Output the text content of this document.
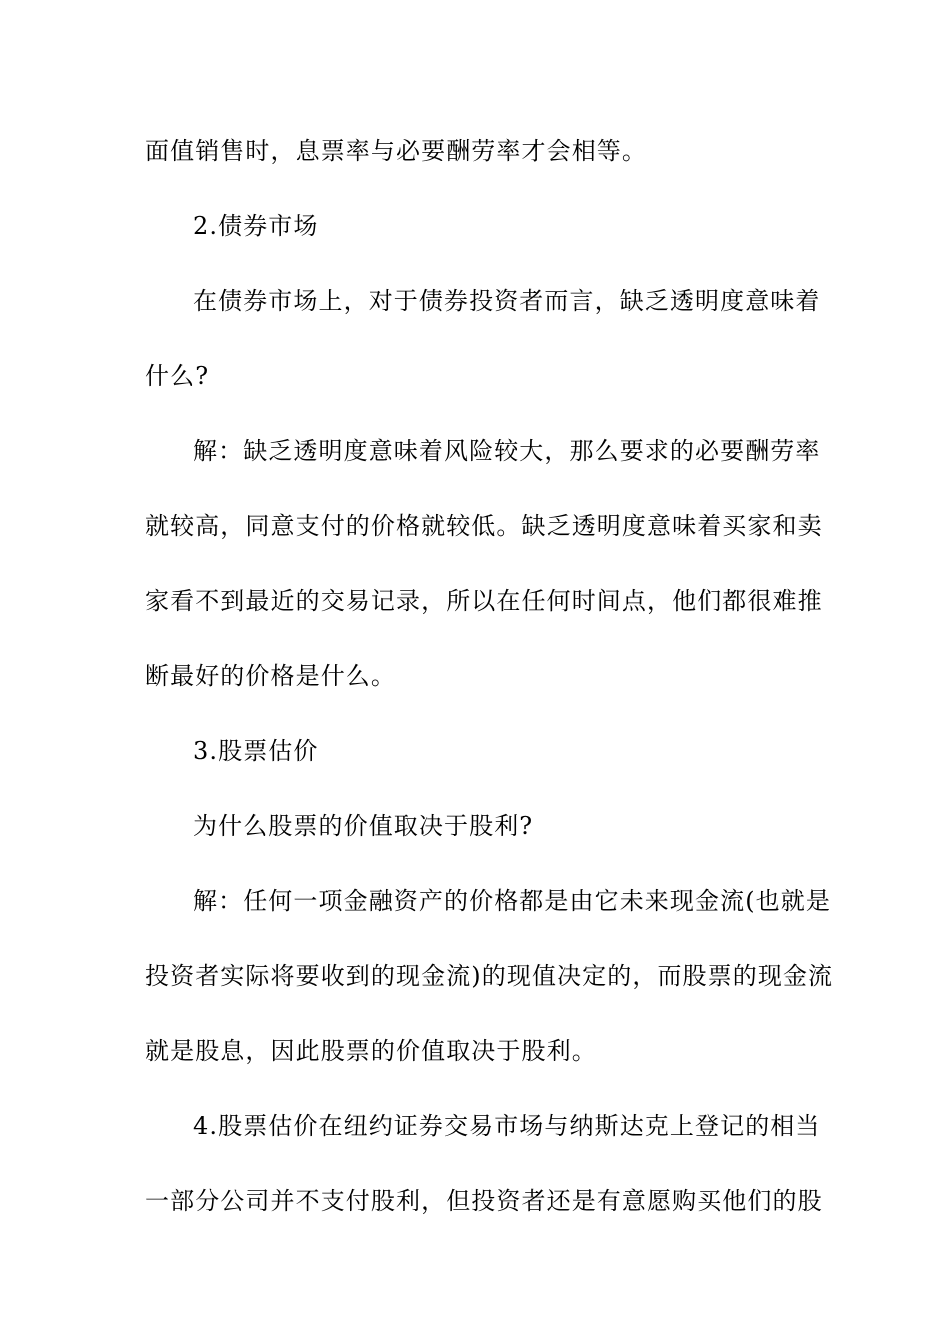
面值销售时，息票率与必要酬劳率才会相等。
2.债券市场
在债券市场上，对于债券投资者而言，缺乏透明度意味着
什么?
解：缺乏透明度意味着风险较大，那么要求的必要酬劳率
就较高，同意支付的价格就较低。缺乏透明度意味着买家和卖
家看不到最近的交易记录，所以在任何时间点，他们都很难推
断最好的价格是什么。
3.股票估价
为什么股票的价值取决于股利?
解：任何一项金融资产的价格都是由它未来现金流(也就是
投资者实际将要收到的现金流)的现值决定的，而股票的现金流
就是股息，因此股票的价值取决于股利。
4.股票估价在纽约证券交易市场与纳斯达克上登记的相当
一部分公司并不支付股利，但投资者还是有意愿购买他们的股
